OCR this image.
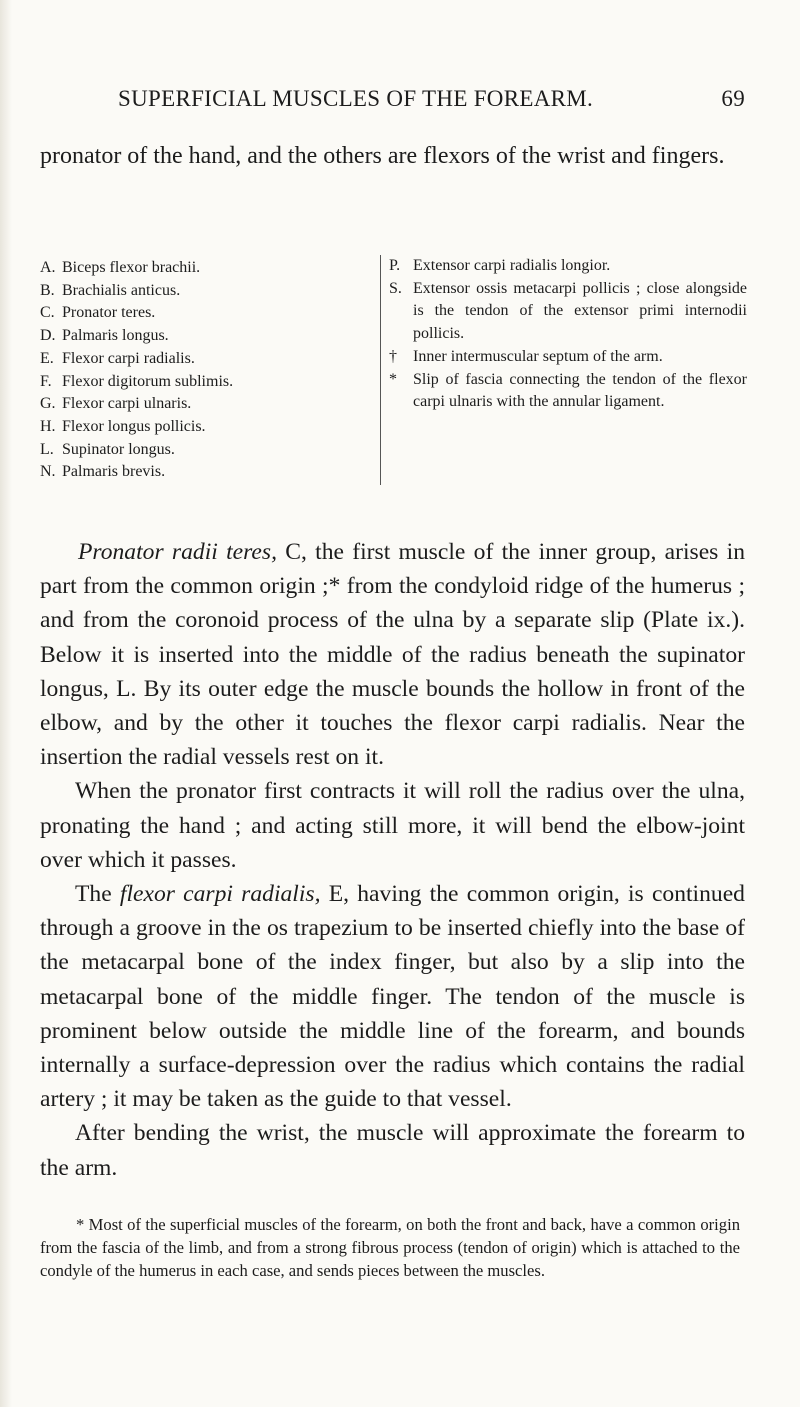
SUPERFICIAL MUSCLES OF THE FOREARM.	69
pronator of the hand, and the others are flexors of the wrist and fingers.
A. Biceps flexor brachii.
B. Brachialis anticus.
C. Pronator teres.
D. Palmaris longus.
E. Flexor carpi radialis.
F. Flexor digitorum sublimis.
G. Flexor carpi ulnaris.
H. Flexor longus pollicis.
L. Supinator longus.
N. Palmaris brevis.
P. Extensor carpi radialis longior.
S. Extensor ossis metacarpi pollicis ; close alongside is the tendon of the extensor primi internodii pollicis.
†	Inner intermuscular septum of the arm.
*	Slip of fascia connecting the tendon of the flexor carpi ulnaris with the annular ligament.

Pronator radii teres, C, the first muscle of the inner group, arises in part from the common origin ;* from the condyloid ridge of the humerus ; and from the coronoid process of the ulna by a separate slip (Plate ix.). Below it is inserted into the middle of the radius beneath the supinator longus, L. By its outer edge the muscle bounds the hollow in front of the elbow, and by the other it touches the flexor carpi radialis. Near the insertion the radial vessels rest on it.

When the pronator first contracts it will roll the radius over the ulna, pronating the hand ; and acting still more, it will bend the elbow-joint over which it passes.

The flexor carpi radialis, E, having the common origin, is continued through a groove in the os trapezium to be inserted chiefly into the base of the metacarpal bone of the index finger, but also by a slip into the metacarpal bone of the middle finger. The tendon of the muscle is prominent below outside the middle line of the forearm, and bounds internally a surface-depression over the radius which contains the radial artery ; it may be taken as the guide to that vessel.

After bending the wrist, the muscle will approximate the forearm to the arm.

* Most of the superficial muscles of the forearm, on both the front and back, have a common origin from the fascia of the limb, and from a strong fibrous process (tendon of origin) which is attached to the condyle of the humerus in each case, and sends pieces between the muscles.
